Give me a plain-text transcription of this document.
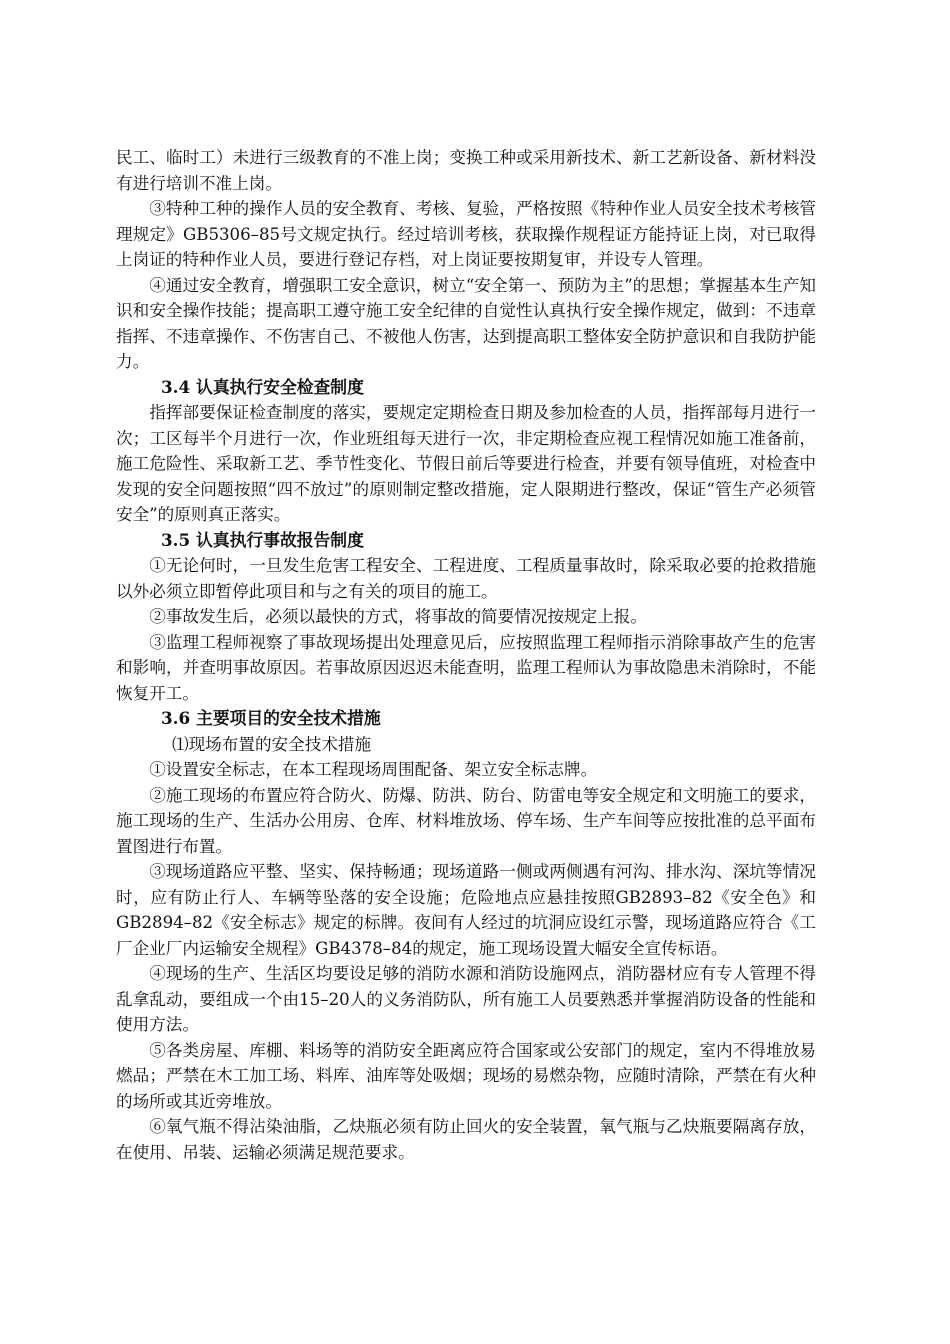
民工、临时工）未进行三级教育的不准上岗；变换工种或采用新技术、新工艺新设备、新材料没有进行培训不准上岗。

③特种工种的操作人员的安全教育、考核、复验，严格按照《特种作业人员安全技术考核管理规定》GB5306–85号文规定执行。经过培训考核，获取操作规程证方能持证上岗，对已取得上岗证的特种作业人员，要进行登记存档，对上岗证要按期复审，并设专人管理。

④通过安全教育，增强职工安全意识，树立“安全第一、预防为主”的思想；掌握基本生产知识和安全操作技能；提高职工遵守施工安全纪律的自觉性认真执行安全操作规定，做到：不违章指挥、不违章操作、不伤害自己、不被他人伤害，达到提高职工整体安全防护意识和自我防护能力。

3.4 认真执行安全检查制度

指挥部要保证检查制度的落实，要规定定期检查日期及参加检查的人员，指挥部每月进行一次；工区每半个月进行一次，作业班组每天进行一次，非定期检查应视工程情况如施工准备前，施工危险性、采取新工艺、季节性变化、节假日前后等要进行检查，并要有领导值班，对检查中发现的安全问题按照“四不放过”的原则制定整改措施，定人限期进行整改，保证“管生产必须管安全”的原则真正落实。

3.5 认真执行事故报告制度

①无论何时，一旦发生危害工程安全、工程进度、工程质量事故时，除采取必要的抢救措施以外必须立即暂停此项目和与之有关的项目的施工。

②事故发生后，必须以最快的方式，将事故的简要情况按规定上报。

③监理工程师视察了事故现场提出处理意见后，应按照监理工程师指示消除事故产生的危害和影响，并查明事故原因。若事故原因迟迟未能查明，监理工程师认为事故隐患未消除时，不能恢复开工。

3.6 主要项目的安全技术措施

⑴现场布置的安全技术措施

①设置安全标志，在本工程现场周围配备、架立安全标志牌。

②施工现场的布置应符合防火、防爆、防洪、防台、防雷电等安全规定和文明施工的要求，施工现场的生产、生活办公用房、仓库、材料堆放场、停车场、生产车间等应按批准的总平面布置图进行布置。

③现场道路应平整、坚实、保持畅通；现场道路一侧或两侧遇有河沟、排水沟、深坑等情况时，应有防止行人、车辆等坠落的安全设施；危险地点应悬挂按照GB2893–82《安全色》和GB2894–82《安全标志》规定的标牌。夜间有人经过的坑洞应设红示警，现场道路应符合《工厂企业厂内运输安全规程》GB4378–84的规定，施工现场设置大幅安全宣传标语。

④现场的生产、生活区均要设足够的消防水源和消防设施网点，消防器材应有专人管理不得乱拿乱动，要组成一个由15–20人的义务消防队，所有施工人员要熟悉并掌握消防设备的性能和使用方法。

⑤各类房屋、库棚、料场等的消防安全距离应符合国家或公安部门的规定，室内不得堆放易燃品；严禁在木工加工场、料库、油库等处吸烟；现场的易燃杂物，应随时清除，严禁在有火种的场所或其近旁堆放。

⑥氧气瓶不得沾染油脂，乙炔瓶必须有防止回火的安全装置，氧气瓶与乙炔瓶要隔离存放，在使用、吊装、运输必须满足规范要求。
